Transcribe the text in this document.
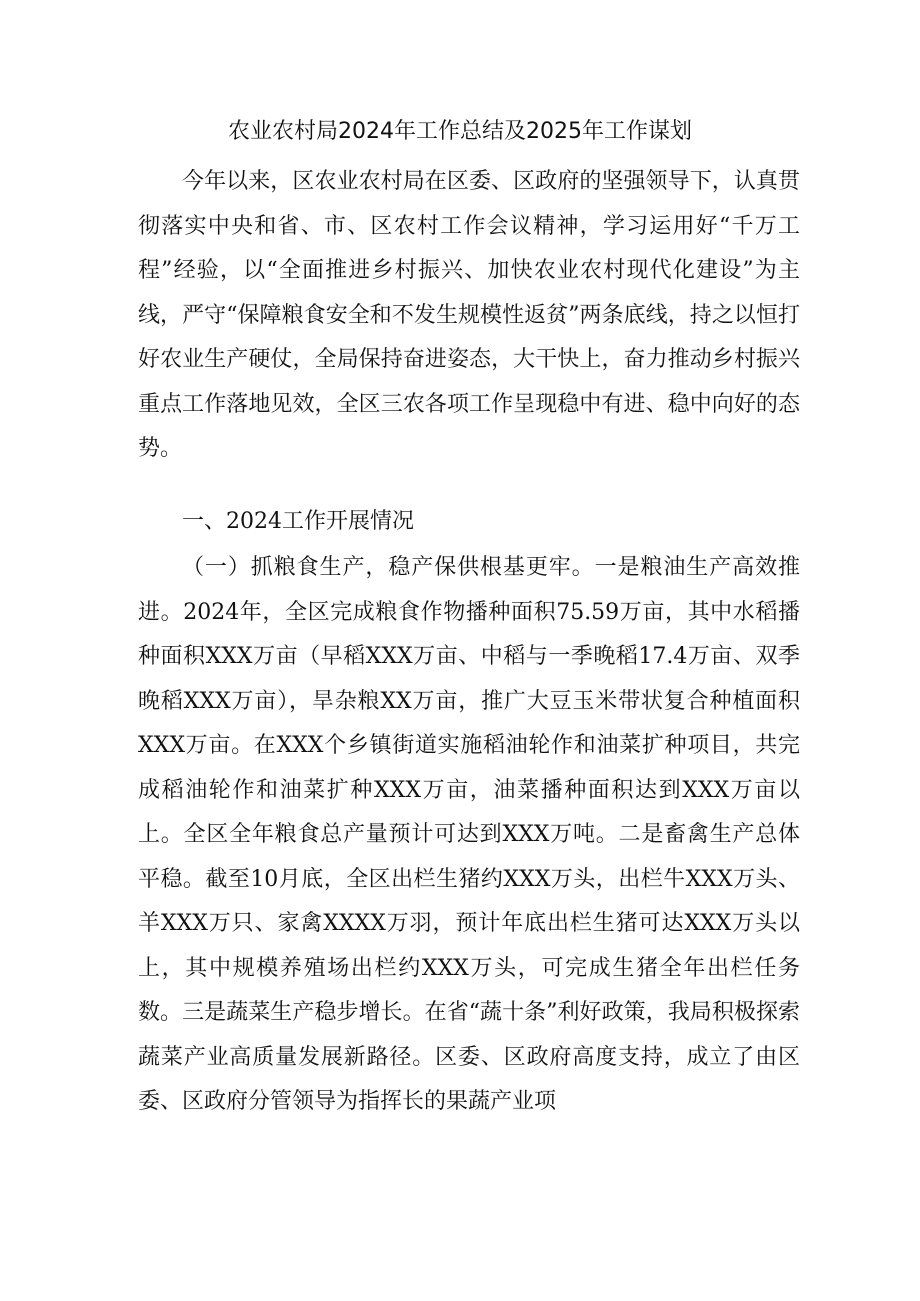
农业农村局2024年工作总结及2025年工作谋划

今年以来，区农业农村局在区委、区政府的坚强领导下，认真贯彻落实中央和省、市、区农村工作会议精神，学习运用好“千万工程”经验，以“全面推进乡村振兴、加快农业农村现代化建设”为主线，严守“保障粮食安全和不发生规模性返贫”两条底线，持之以恒打好农业生产硬仗，全局保持奋进姿态，大干快上，奋力推动乡村振兴重点工作落地见效，全区三农各项工作呈现稳中有进、稳中向好的态势。

一、2024工作开展情况

（一）抓粮食生产，稳产保供根基更牢。一是粮油生产高效推进。2024年，全区完成粮食作物播种面积75.59万亩，其中水稻播种面积XXX万亩（早稻XXX万亩、中稻与一季晚稻17.4万亩、双季晚稻XXX万亩），旱杂粮XX万亩，推广大豆玉米带状复合种植面积XXX万亩。在XXX个乡镇街道实施稻油轮作和油菜扩种项目，共完成稻油轮作和油菜扩种XXX万亩，油菜播种面积达到XXX万亩以上。全区全年粮食总产量预计可达到XXX万吨。二是畜禽生产总体平稳。截至10月底，全区出栏生猪约XXX万头，出栏牛XXX万头、羊XXX万只、家禽XXXX万羽，预计年底出栏生猪可达XXX万头以上，其中规模养殖场出栏约XXX万头，可完成生猪全年出栏任务数。三是蔬菜生产稳步增长。在省“蔬十条”利好政策，我局积极探索蔬菜产业高质量发展新路径。区委、区政府高度支持，成立了由区委、区政府分管领导为指挥长的果蔬产业项
